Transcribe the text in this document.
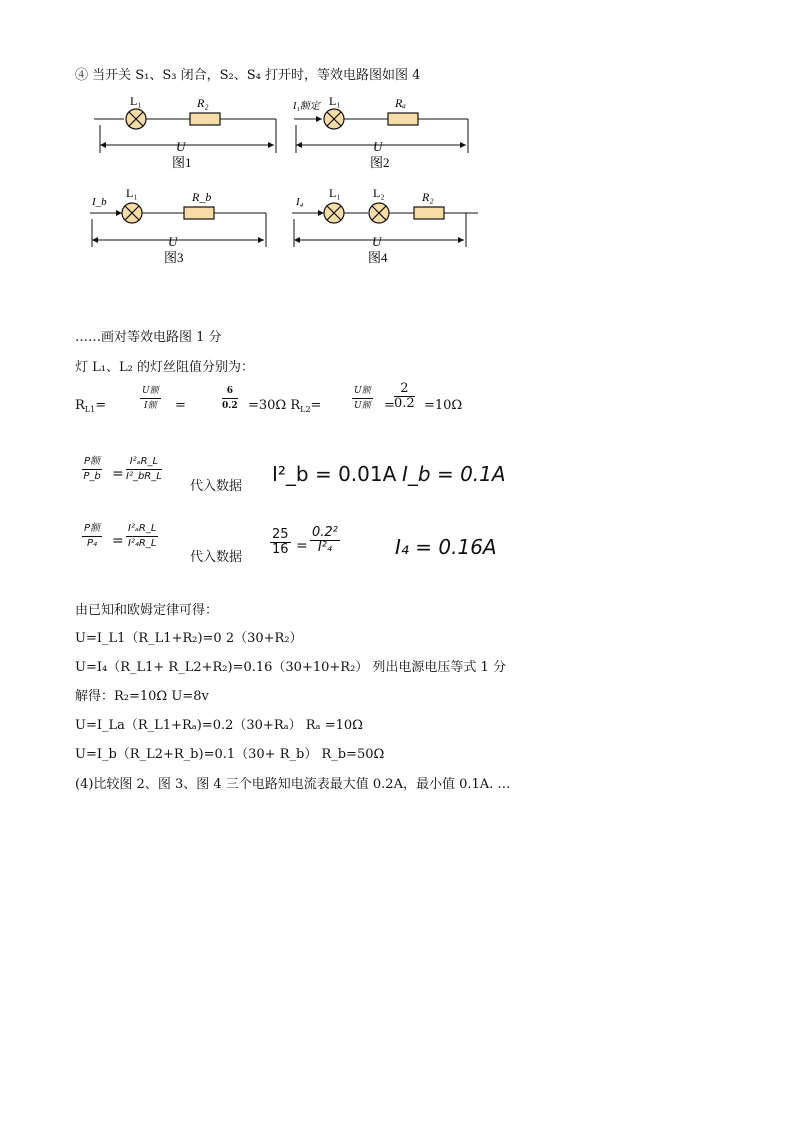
④ 当开关 S₁、S₃ 闭合，S₂、S₄ 打开时，等效电路图如图 4
L₁	R₂
U
图1
I₁额定 L₁	Rₐ
U
图2
I_b
L₁	R_b
U
图3
I₄
L₁	L₂	R₂
U
图4
……画对等效电路图 1 分
灯 L₁、L₂ 的灯丝阻值分别为：
$R_{L1}=$
U额
I额	=	$\frac{6}{0.2} =30\Omega$ $R_{L2}=$
U额
U额 = $\frac{2}{0.2} =10\Omega$
P额
P_b = $\frac{\text{I²ₐR\_L}}{\text{I²\_bR\_L}}$
代入数据
I²_b = 0.01A I_b = 0.1A
P额
P₄	= $\frac{\text{I²ₐR\_L}}{\text{I²₄R\_L}}$
代入数据
$\frac{25}{16} = \frac{\text{0.2²}}{\text{I²₄}}$	I₄ = 0.16A
由已知和欧姆定律可得：
U=I_L1（R_L1+R₂)=0 2（30+R₂）
U=I₄（R_L1+ R_L2+R₂)=0.16（30+10+R₂） 列出电源电压等式 1 分
解得：R₂=10Ω U=8v
U=I_La（R_L1+Rₐ)=0.2（30+Rₐ） Rₐ =10Ω
U=I_b（R_L2+R_b)=0.1（30+ R_b） R_b=50Ω
(4)比较图 2、图 3、图 4 三个电路知电流表最大值 0.2A，最小值 0.1A. …
